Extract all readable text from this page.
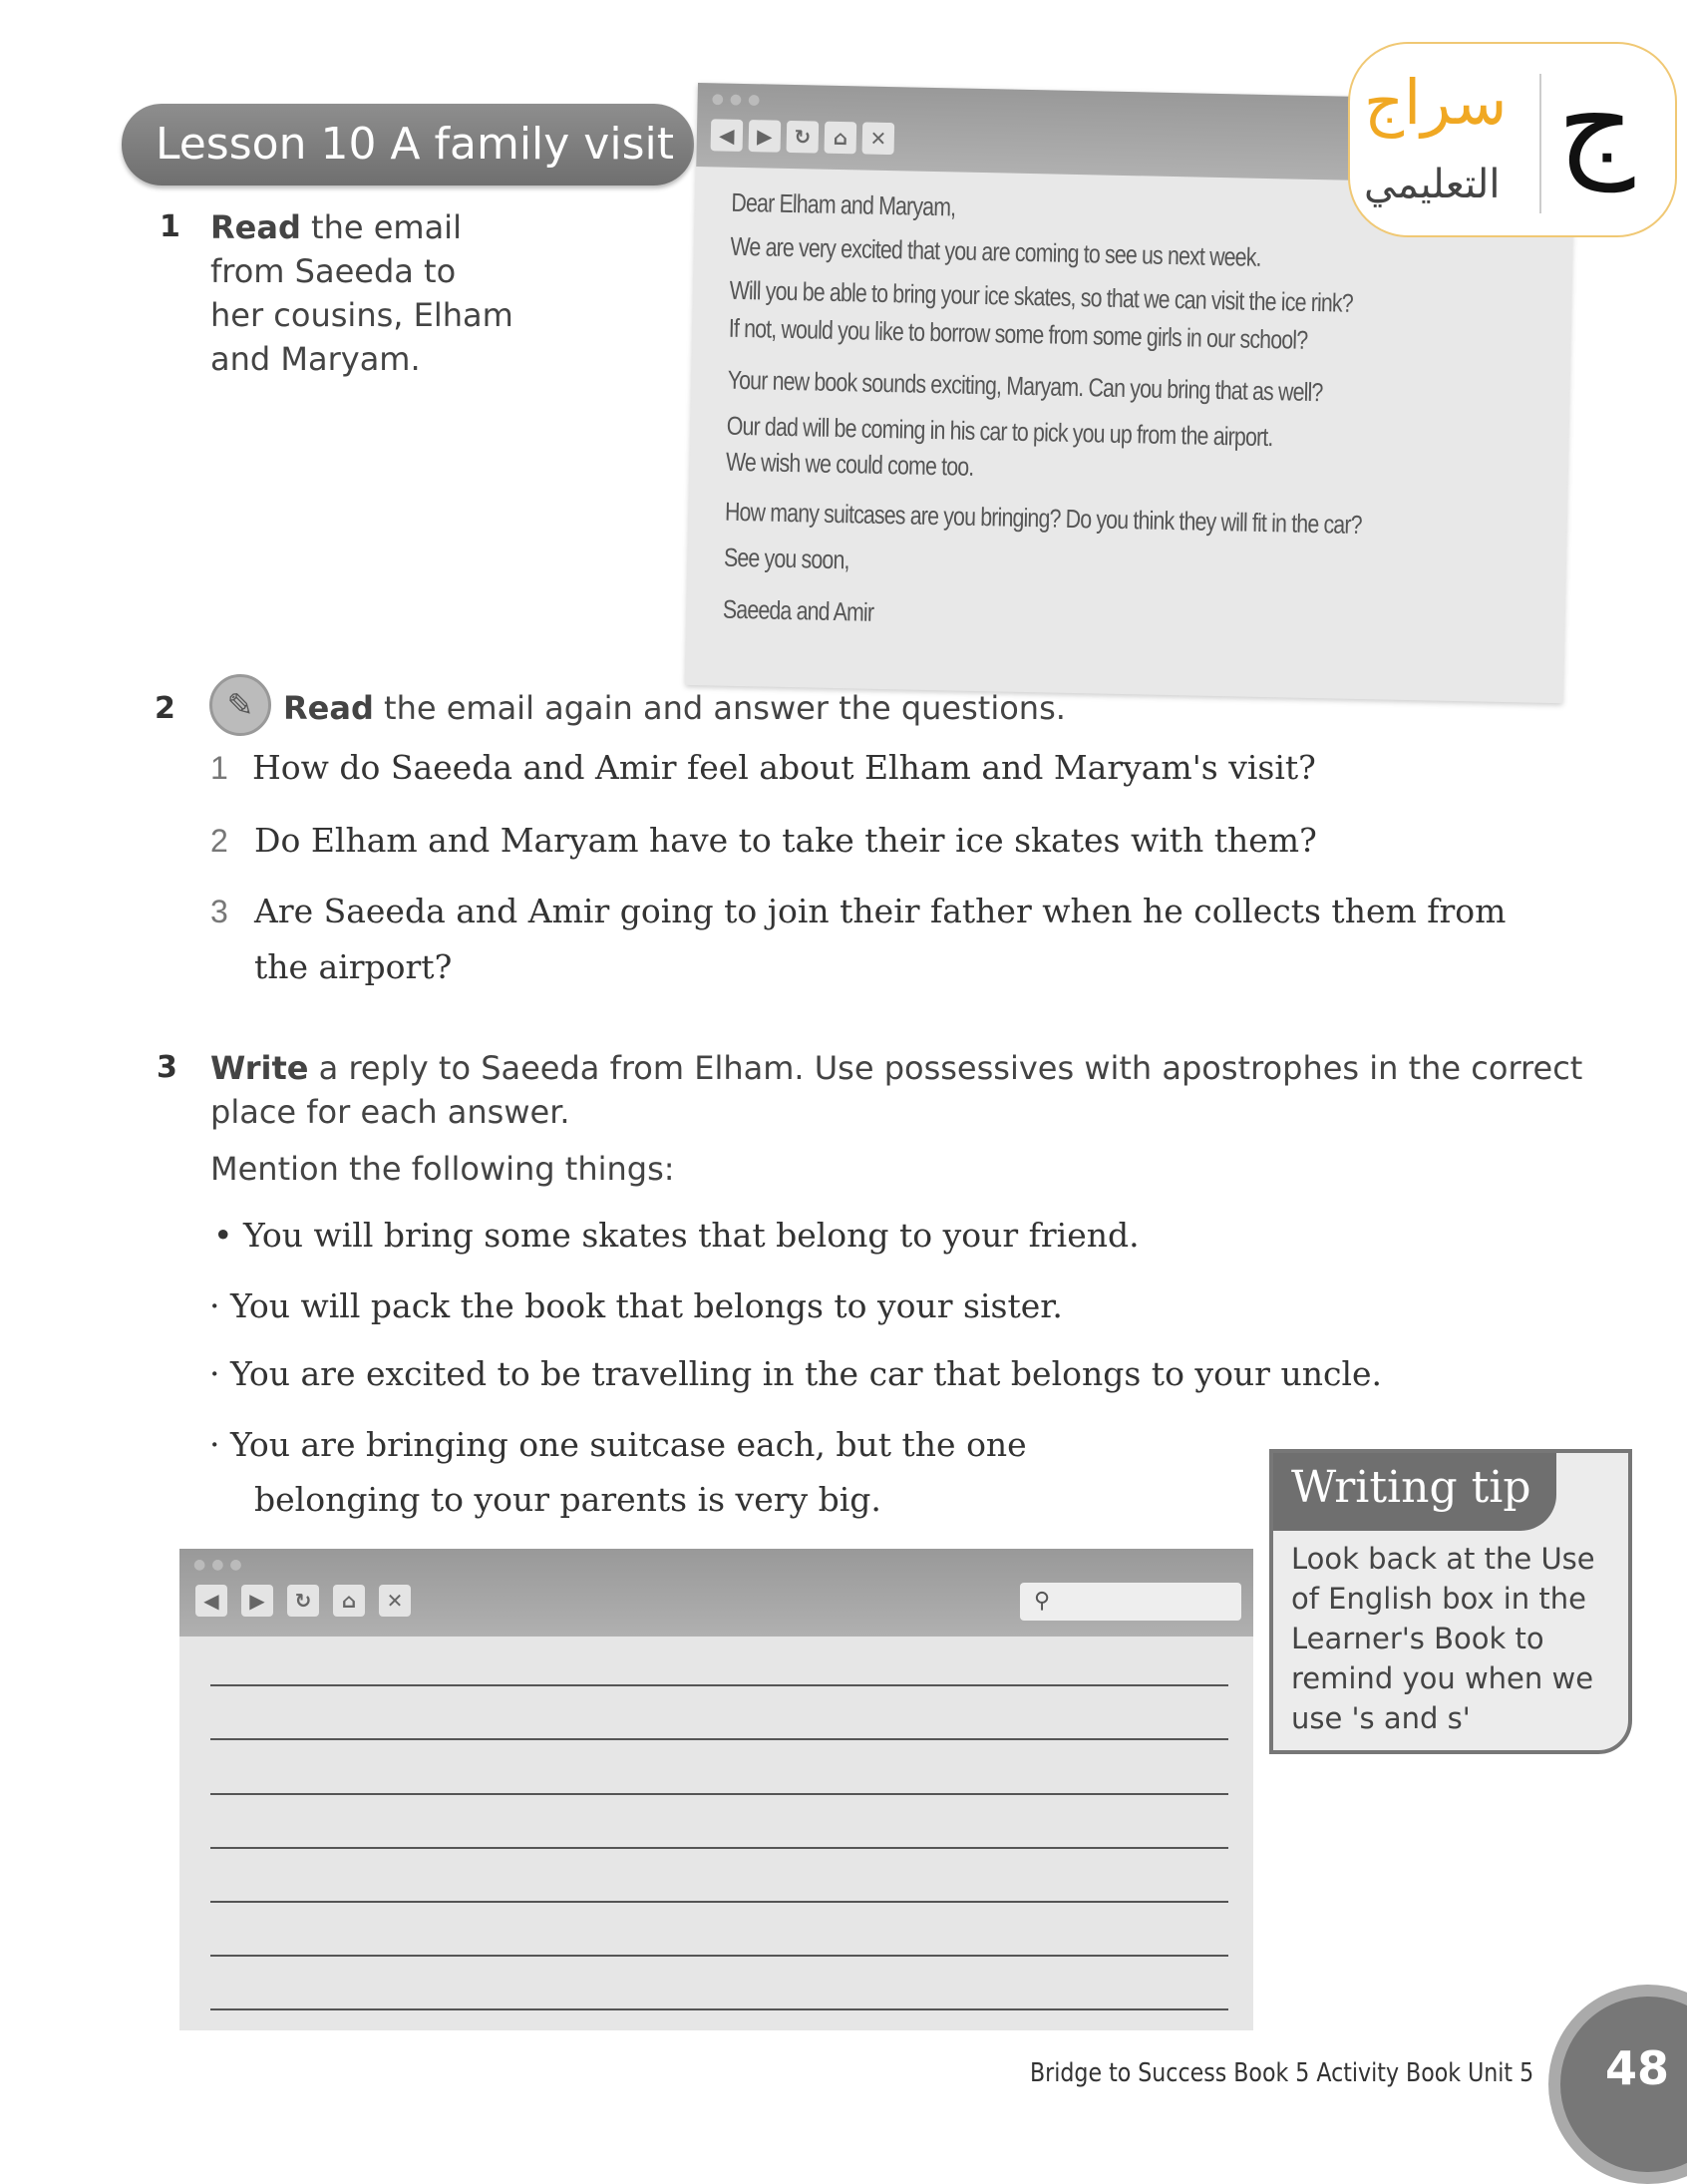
Lesson 10 A family visit
1 Read the email
from Saeeda to
her cousins, Elham
and Maryam.
●●●
◀	▶	↻	⌂	✕
Dear Elham and Maryam,
We are very excited that you are coming to see us next week.
Will you be able to bring your ice skates, so that we can visit the ice rink?
If not, would you like to borrow some from some girls in our school?
Your new book sounds exciting, Maryam. Can you bring that as well?
Our dad will be coming in his car to pick you up from the airport.
We wish we could come too.
How many suitcases are you bringing? Do you think they will fit in the car?
See you soon,
Saeeda and Amir
سراج
التعليمي ج
2	✎ Read the email again and answer the questions.
1 How do Saeeda and Amir feel about Elham and Maryam's visit?
2 Do Elham and Maryam have to take their ice skates with them?
3 Are Saeeda and Amir going to join their father when he collects them from
the airport?
3 Write a reply to Saeeda from Elham. Use possessives with apostrophes in the correct
place for each answer.
Mention the following things:
• You will bring some skates that belong to your friend.
· You will pack the book that belongs to your sister.
· You are excited to be travelling in the car that belongs to your uncle.
· You are bringing one suitcase each, but the one
belonging to your parents is very big.
●●●
◀	▶	↻	⌂	✕	⚲
Writing tip
Look back at the Use of English box in the Learner's Book to remind you when we use 's and s'
Bridge to Success Book 5 Activity Book Unit 5	48
